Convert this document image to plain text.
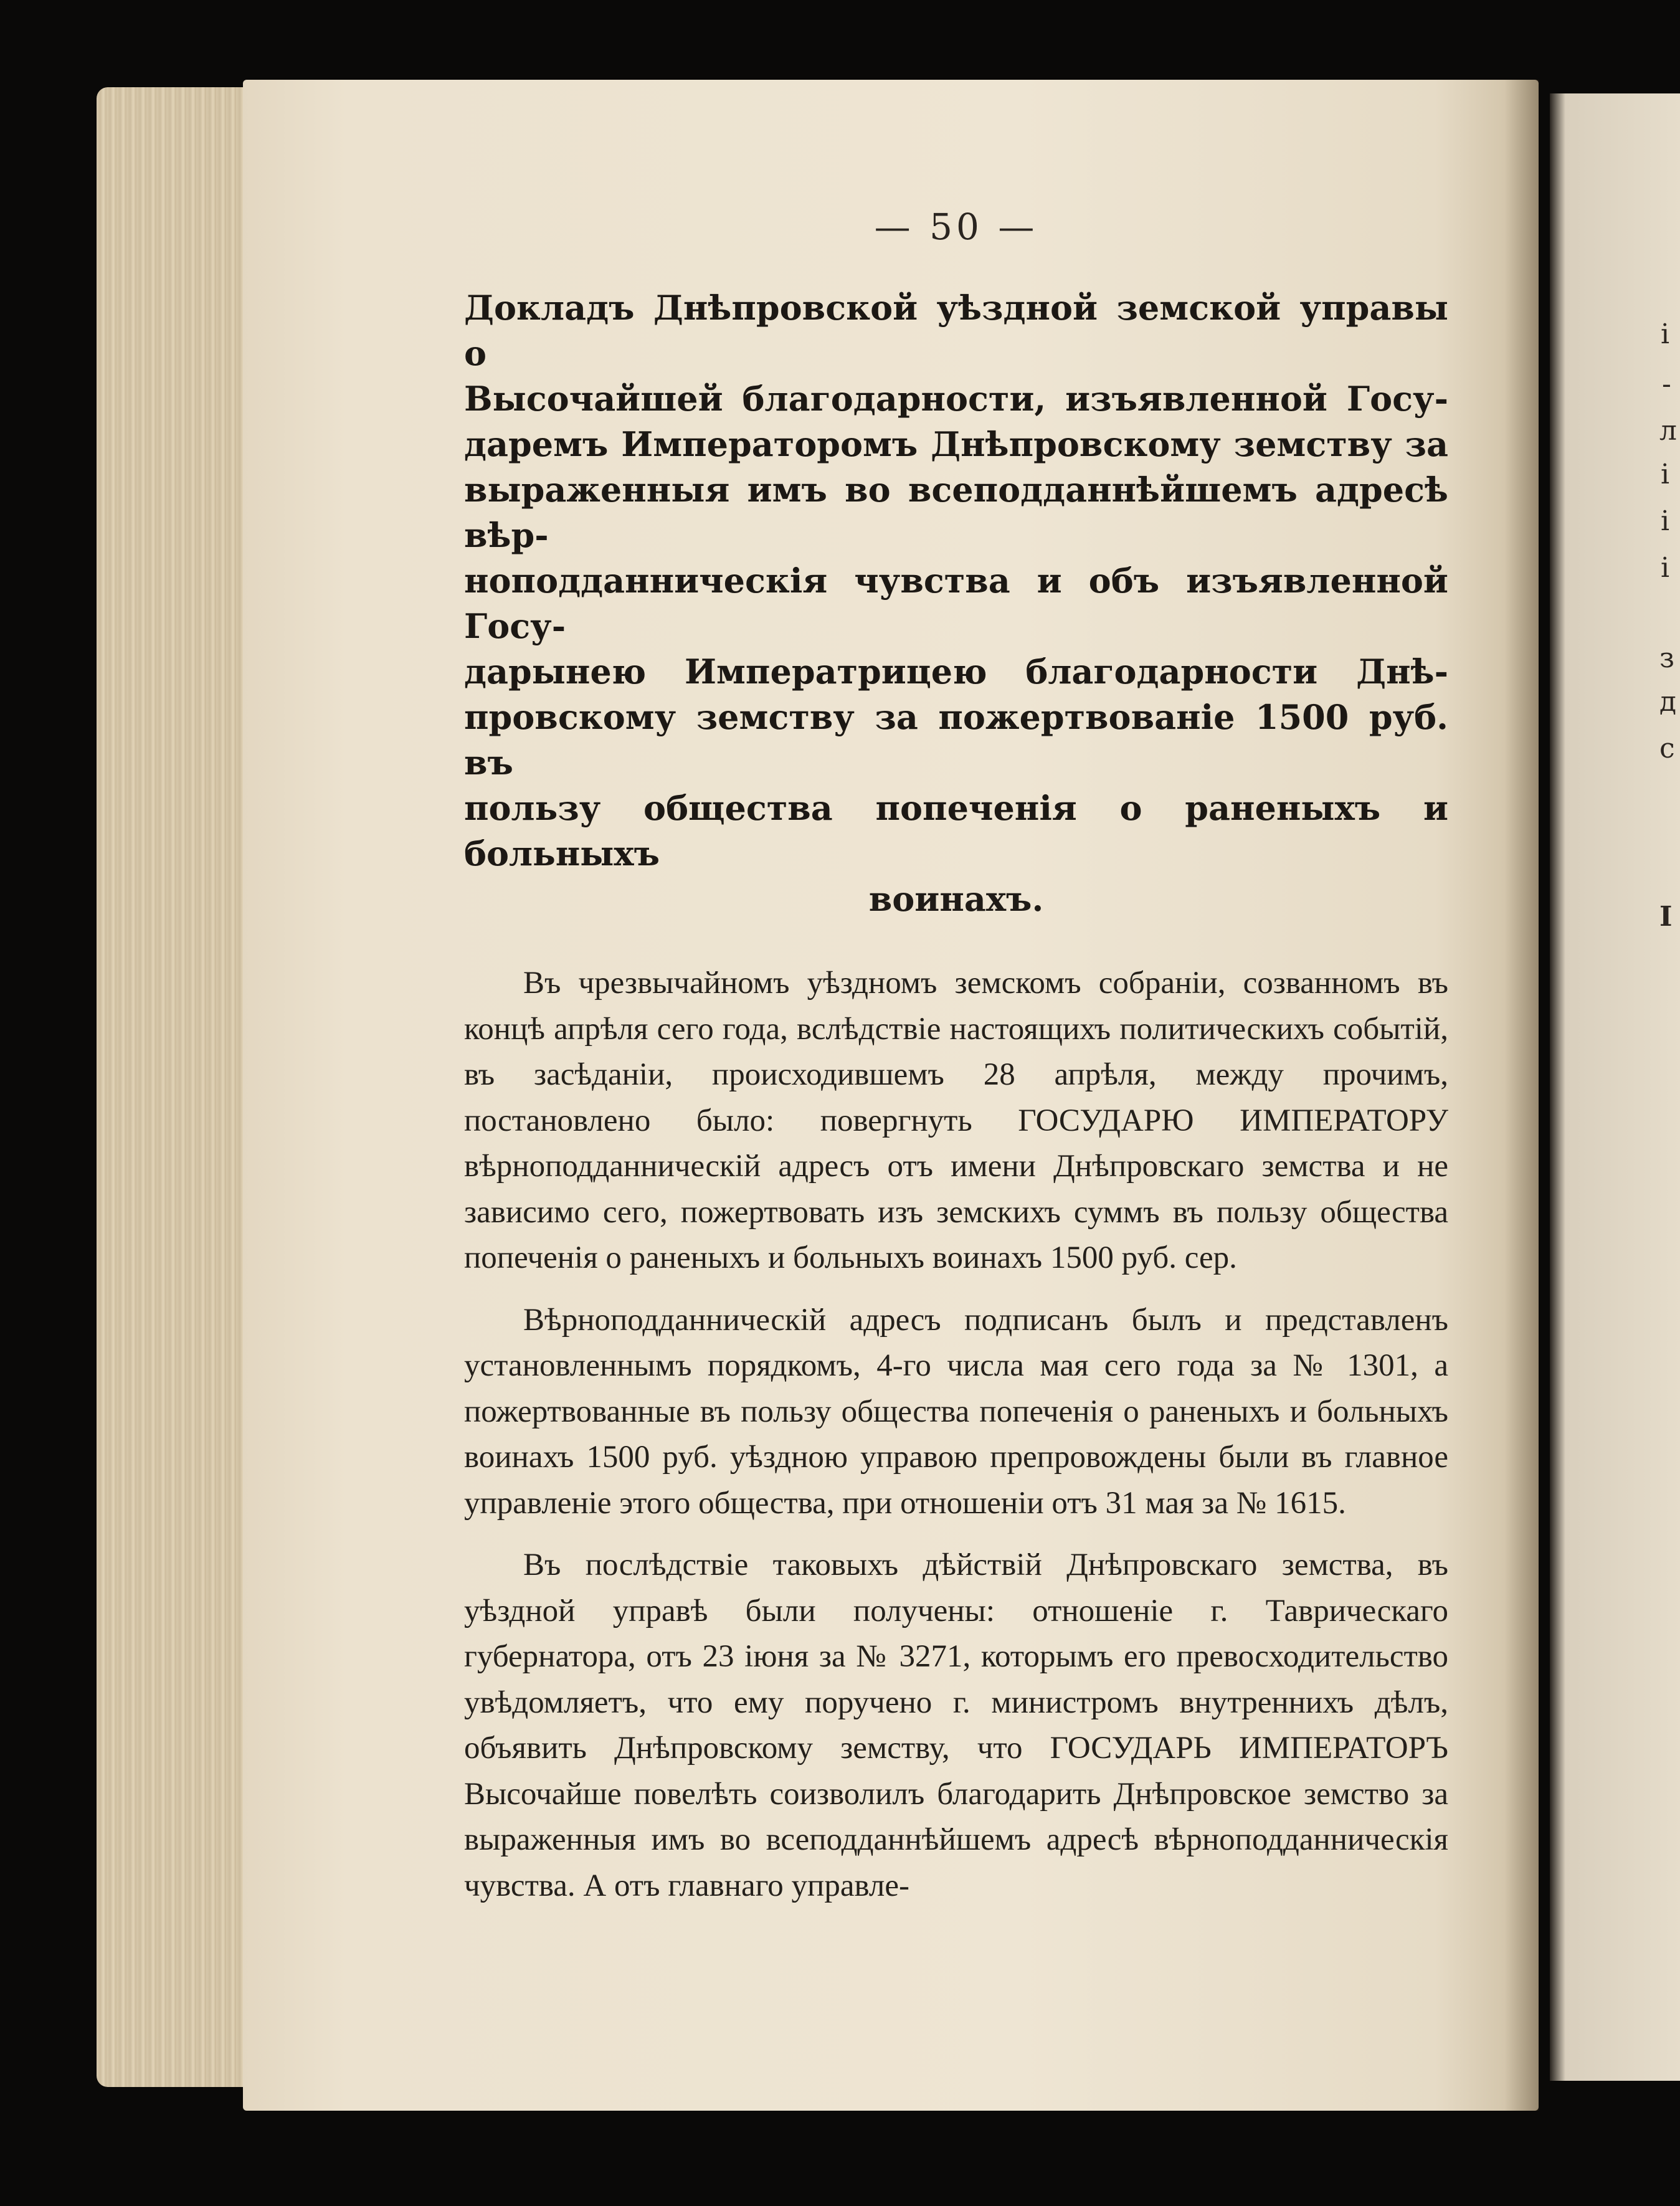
і
-
л
і
і
і
з
д
с
І
— 50 —
Докладъ Днѣпровской уѣздной земской управы о
Высочайшей благодарности, изъявленной Госу-
даремъ Императоромъ Днѣпровскому земству за
выраженныя имъ во всеподданнѣйшемъ адресѣ вѣр-
ноподданническія чувства и объ изъявленной Госу-
дарынею Императрицею благодарности Днѣ-
провскому земству за пожертвованіе 1500 руб. въ
пользу общества попеченія о раненыхъ и больныхъ
воинахъ.

Въ чрезвычайномъ уѣздномъ земскомъ собраніи, созванномъ въ концѣ апрѣля сего года, вслѣдствіе настоящихъ политическихъ событій, въ засѣданіи, происходившемъ 28 апрѣля, между прочимъ, постановлено было: повергнуть ГОСУДАРЮ ИМПЕРАТОРУ вѣрноподданническій адресъ отъ имени Днѣпровскаго земства и не зависимо сего, пожертвовать изъ земскихъ суммъ въ пользу общества попеченія о раненыхъ и больныхъ воинахъ 1500 руб. сер.

Вѣрноподданническій адресъ подписанъ былъ и представленъ установленнымъ порядкомъ, 4-го числа мая сего года за № 1301, а пожертвованные въ пользу общества попеченія о раненыхъ и больныхъ воинахъ 1500 руб. уѣздною управою препровождены были въ главное управленіе этого общества, при отношеніи отъ 31 мая за № 1615.

Въ послѣдствіе таковыхъ дѣйствій Днѣпровскаго земства, въ уѣздной управѣ были получены: отношеніе г. Таврическаго губернатора, отъ 23 іюня за № 3271, которымъ его превосходительство увѣдомляетъ, что ему поручено г. министромъ внутреннихъ дѣлъ, объявить Днѣпровскому земству, что ГОСУДАРЬ ИМПЕРАТОРЪ Высочайше повелѣть соизволилъ благодарить Днѣпровское земство за выраженныя имъ во всеподданнѣйшемъ адресѣ вѣрноподданническія чувства. А отъ главнаго управле-
